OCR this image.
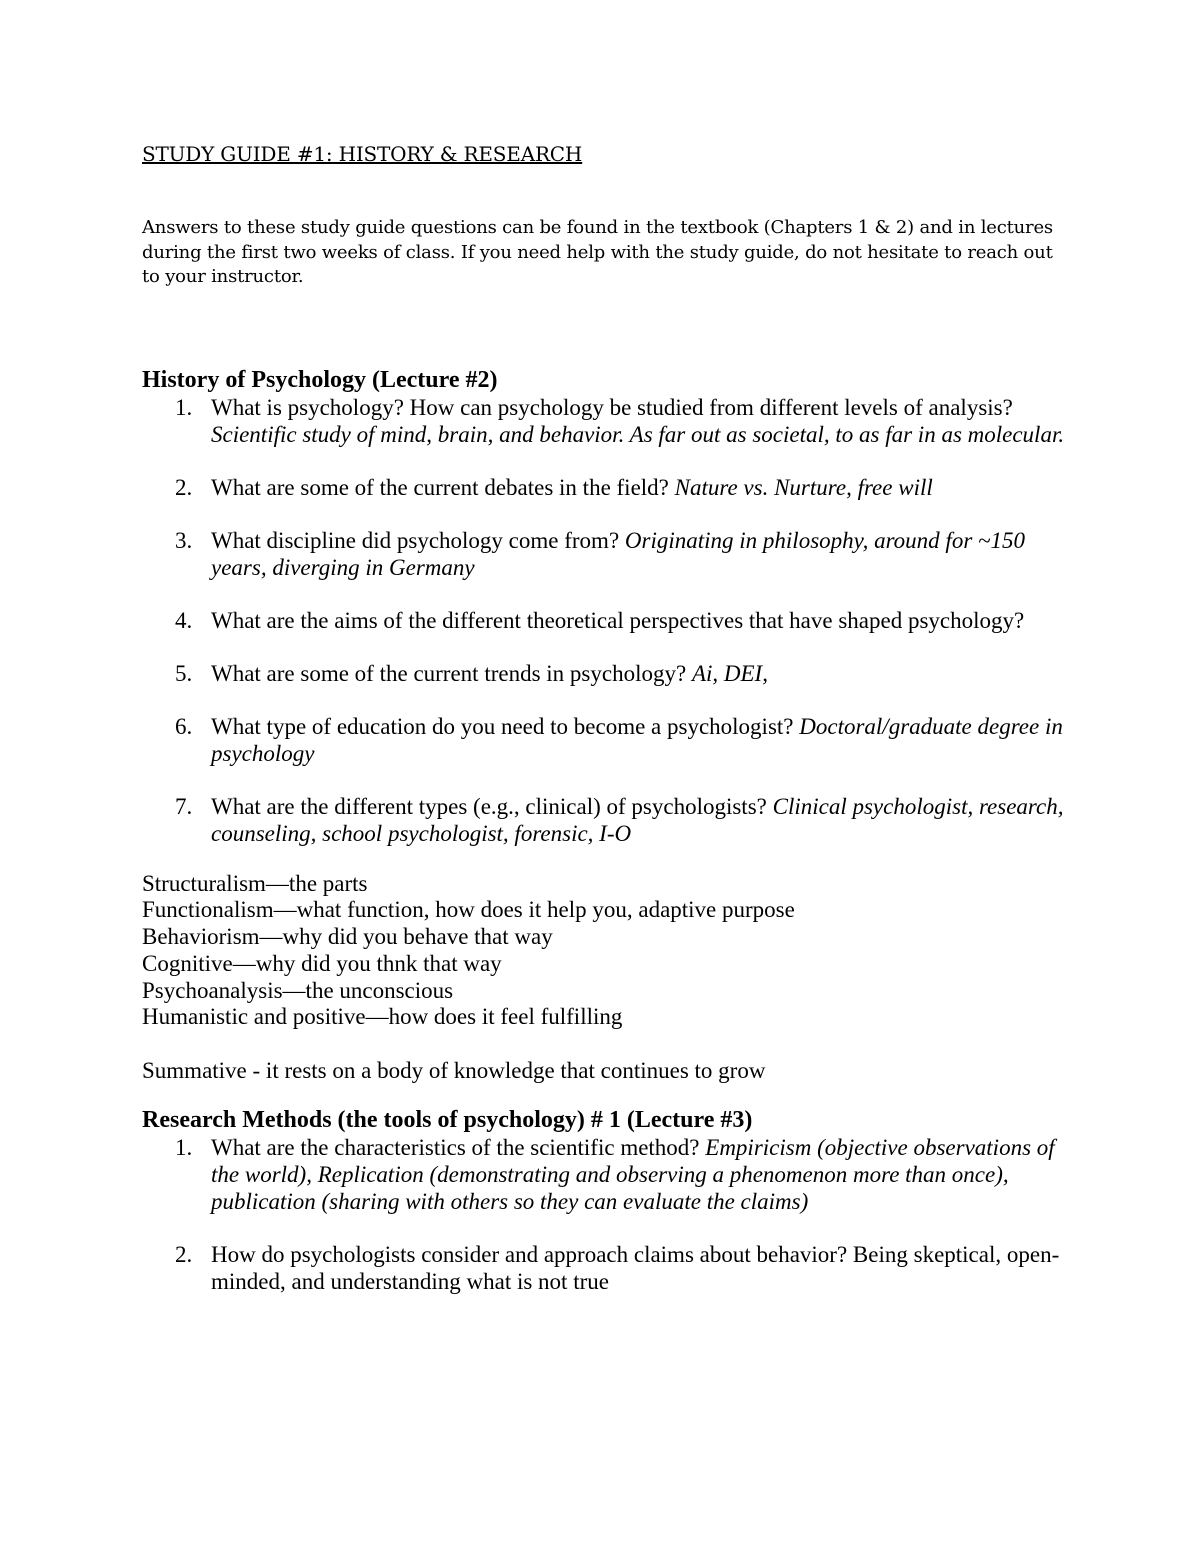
STUDY GUIDE #1: HISTORY & RESEARCH
Answers to these study guide questions can be found in the textbook (Chapters 1 & 2) and in lectures during the first two weeks of class. If you need help with the study guide, do not hesitate to reach out to your instructor.
History of Psychology (Lecture #2)
1. What is psychology? How can psychology be studied from different levels of analysis? Scientific study of mind, brain, and behavior. As far out as societal, to as far in as molecular.
2. What are some of the current debates in the field? Nature vs. Nurture, free will
3. What discipline did psychology come from? Originating in philosophy, around for ~150 years, diverging in Germany
4. What are the aims of the different theoretical perspectives that have shaped psychology?
5. What are some of the current trends in psychology? Ai, DEI,
6. What type of education do you need to become a psychologist? Doctoral/graduate degree in psychology
7. What are the different types (e.g., clinical) of psychologists? Clinical psychologist, research, counseling, school psychologist, forensic, I-O
Structuralism—the parts
Functionalism—what function, how does it help you, adaptive purpose
Behaviorism—why did you behave that way
Cognitive—why did you thnk that way
Psychoanalysis—the unconscious
Humanistic and positive—how does it feel fulfilling
Summative - it rests on a body of knowledge that continues to grow
Research Methods (the tools of psychology) # 1 (Lecture #3)
1. What are the characteristics of the scientific method? Empiricism (objective observations of the world), Replication (demonstrating and observing a phenomenon more than once), publication (sharing with others so they can evaluate the claims)
2. How do psychologists consider and approach claims about behavior? Being skeptical, open-minded, and understanding what is not true
